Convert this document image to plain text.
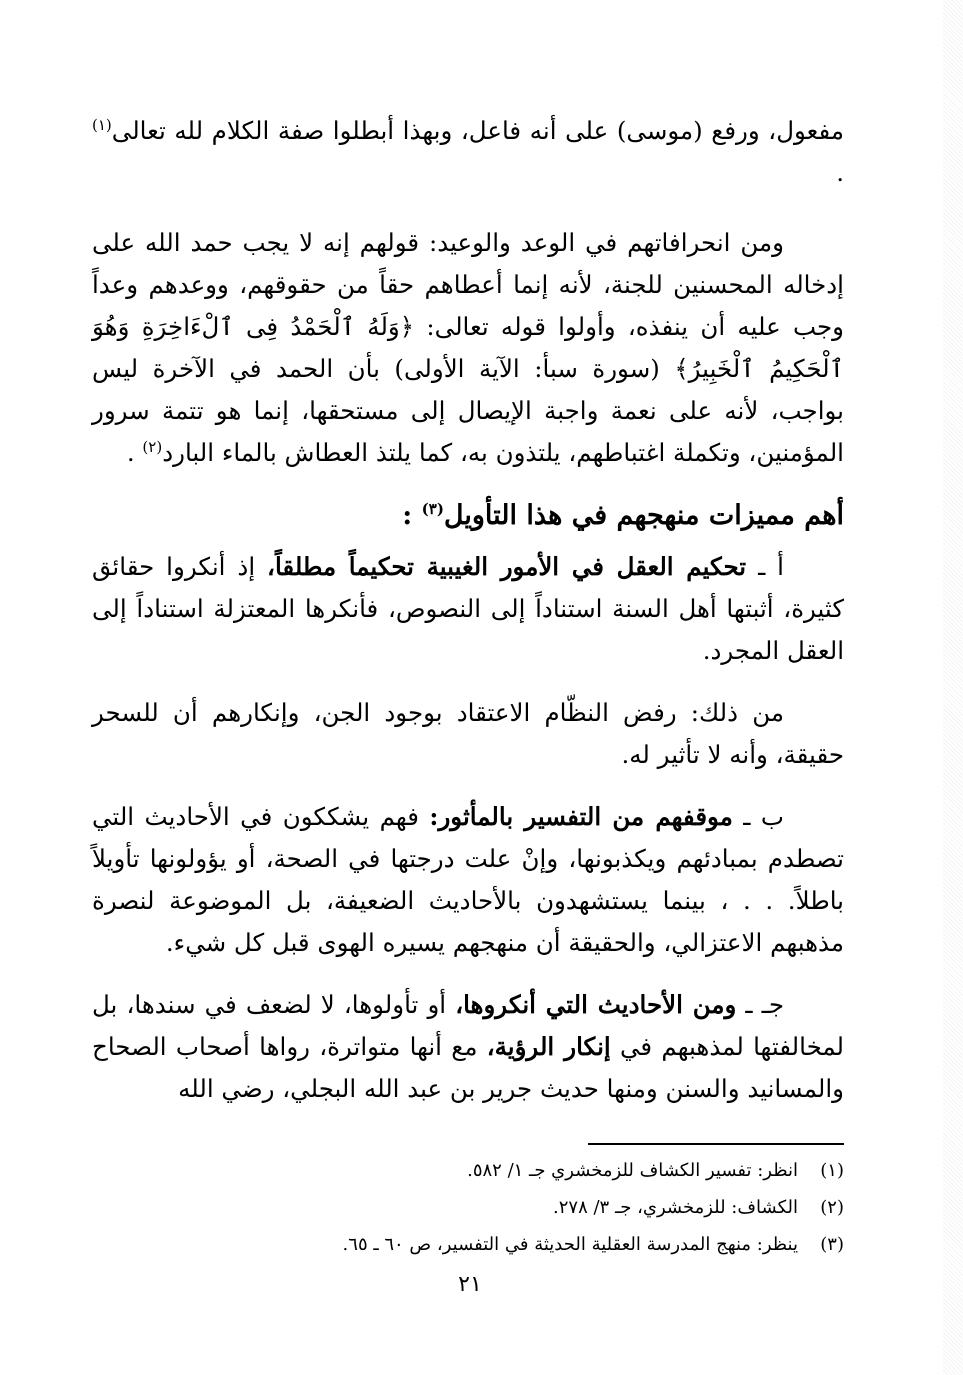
مفعول، ورفع (موسى) على أنه فاعل، وبهذا أبطلوا صفة الكلام لله تعالى$^{(١)}$ .

ومن انحرافاتهم في الوعد والوعيد: قولهم إنه لا يجب حمد الله على إدخاله المحسنين للجنة، لأنه إنما أعطاهم حقاً من حقوقهم، ووعدهم وعداً وجب عليه أن ينفذه، وأولوا قوله تعالى: ﴿وَلَهُ ٱلْحَمْدُ فِى ٱلْءَاخِرَةِ وَهُوَ ٱلْحَكِيمُ ٱلْخَبِيرُ﴾ (سورة سبأ: الآية الأولى) بأن الحمد في الآخرة ليس بواجب، لأنه على نعمة واجبة الإيصال إلى مستحقها، إنما هو تتمة سرور المؤمنين، وتكملة اغتباطهم، يلتذون به، كما يلتذ العطاش بالماء البارد$^{(٢)}$ .

أهم مميزات منهجهم في هذا التأويل$^{(٣)}$ :

أ ـ تحكيم العقل في الأمور الغيبية تحكيماً مطلقاً، إذ أنكروا حقائق كثيرة، أثبتها أهل السنة استناداً إلى النصوص، فأنكرها المعتزلة استناداً إلى العقل المجرد.

من ذلك: رفض النظّام الاعتقاد بوجود الجن، وإنكارهم أن للسحر حقيقة، وأنه لا تأثير له.

ب ـ موقفهم من التفسير بالمأثور: فهم يشككون في الأحاديث التي تصطدم بمبادئهم ويكذبونها، وإنْ علت درجتها في الصحة، أو يؤولونها تأويلاً باطلاً. . . ، بينما يستشهدون بالأحاديث الضعيفة، بل الموضوعة لنصرة مذهبهم الاعتزالي، والحقيقة أن منهجهم يسيره الهوى قبل كل شيء.

جـ ـ ومن الأحاديث التي أنكروها، أو تأولوها، لا لضعف في سندها، بل لمخالفتها لمذهبهم في إنكار الرؤية، مع أنها متواترة، رواها أصحاب الصحاح والمسانيد والسنن ومنها حديث جرير بن عبد الله البجلي، رضي الله

(١)انظر: تفسير الكشاف للزمخشري جـ ١/ ٥٨٢.
(٢)الكشاف: للزمخشري، جـ ٣/ ٢٧٨.
(٣)ينظر: منهج المدرسة العقلية الحديثة في التفسير، ص ٦٠ ـ ٦٥.
٢١
